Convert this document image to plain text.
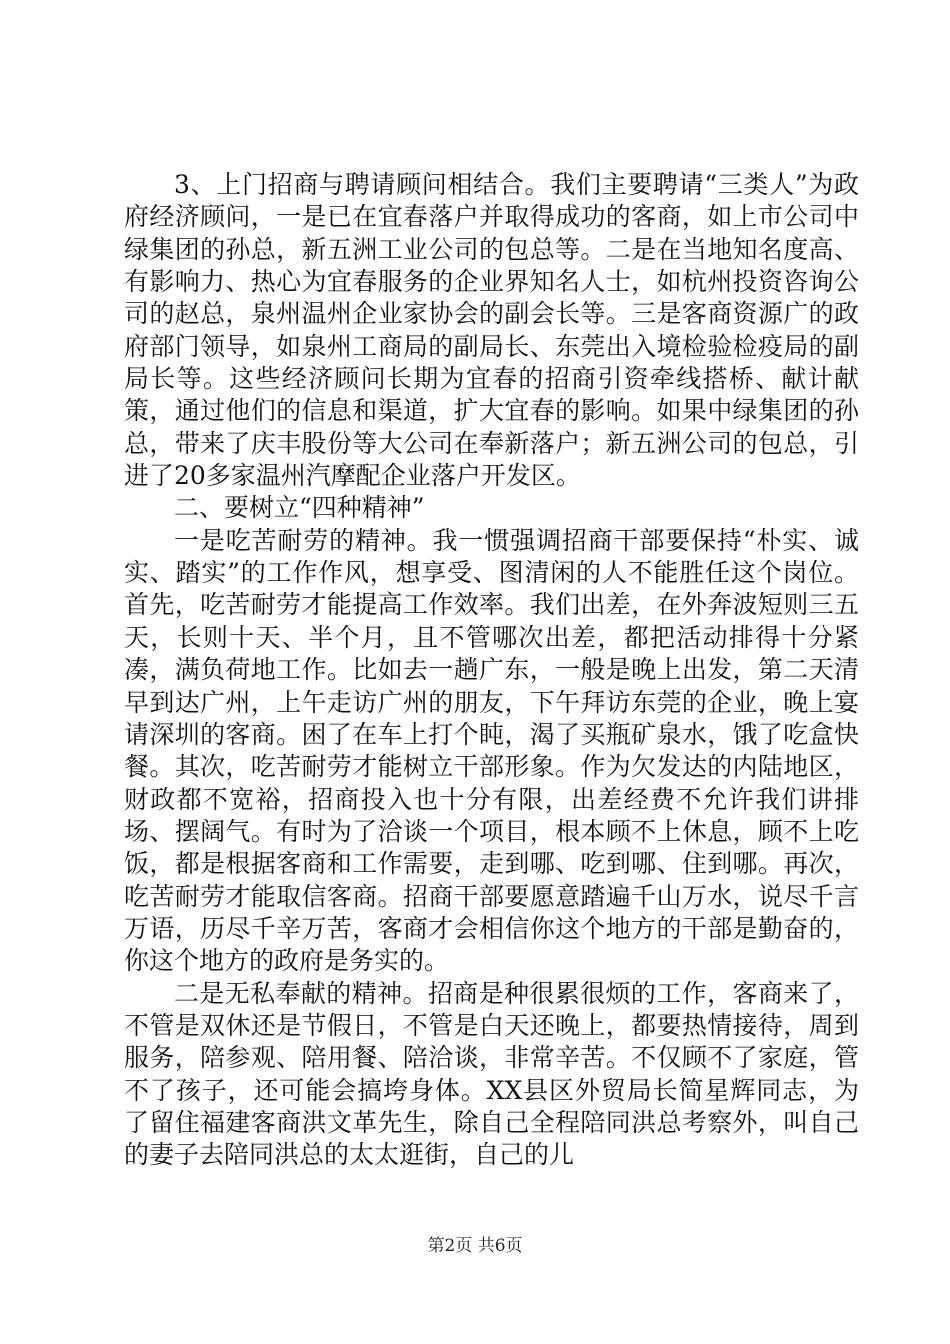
3、上门招商与聘请顾问相结合。我们主要聘请“三类人”为政府经济顾问，一是已在宜春落户并取得成功的客商，如上市公司中绿集团的孙总，新五洲工业公司的包总等。二是在当地知名度高、有影响力、热心为宜春服务的企业界知名人士，如杭州投资咨询公司的赵总，泉州温州企业家协会的副会长等。三是客商资源广的政府部门领导，如泉州工商局的副局长、东莞出入境检验检疫局的副局长等。这些经济顾问长期为宜春的招商引资牵线搭桥、献计献策，通过他们的信息和渠道，扩大宜春的影响。如果中绿集团的孙总，带来了庆丰股份等大公司在奉新落户；新五洲公司的包总，引进了20多家温州汽摩配企业落户开发区。

二、要树立“四种精神”

一是吃苦耐劳的精神。我一惯强调招商干部要保持“朴实、诚实、踏实”的工作作风，想享受、图清闲的人不能胜任这个岗位。首先，吃苦耐劳才能提高工作效率。我们出差，在外奔波短则三五天，长则十天、半个月，且不管哪次出差，都把活动排得十分紧凑，满负荷地工作。比如去一趟广东，一般是晚上出发，第二天清早到达广州，上午走访广州的朋友，下午拜访东莞的企业，晚上宴请深圳的客商。困了在车上打个盹，渴了买瓶矿泉水，饿了吃盒快餐。其次，吃苦耐劳才能树立干部形象。作为欠发达的内陆地区，财政都不宽裕，招商投入也十分有限，出差经费不允许我们讲排场、摆阔气。有时为了洽谈一个项目，根本顾不上休息，顾不上吃饭，都是根据客商和工作需要，走到哪、吃到哪、住到哪。再次，吃苦耐劳才能取信客商。招商干部要愿意踏遍千山万水，说尽千言万语，历尽千辛万苦，客商才会相信你这个地方的干部是勤奋的，你这个地方的政府是务实的。

二是无私奉献的精神。招商是种很累很烦的工作，客商来了，不管是双休还是节假日，不管是白天还晚上，都要热情接待，周到服务，陪参观、陪用餐、陪洽谈，非常辛苦。不仅顾不了家庭，管不了孩子，还可能会搞垮身体。XX县区外贸局长简星辉同志，为了留住福建客商洪文革先生，除自己全程陪同洪总考察外，叫自己的妻子去陪同洪总的太太逛街，自己的儿

第2页 共6页
